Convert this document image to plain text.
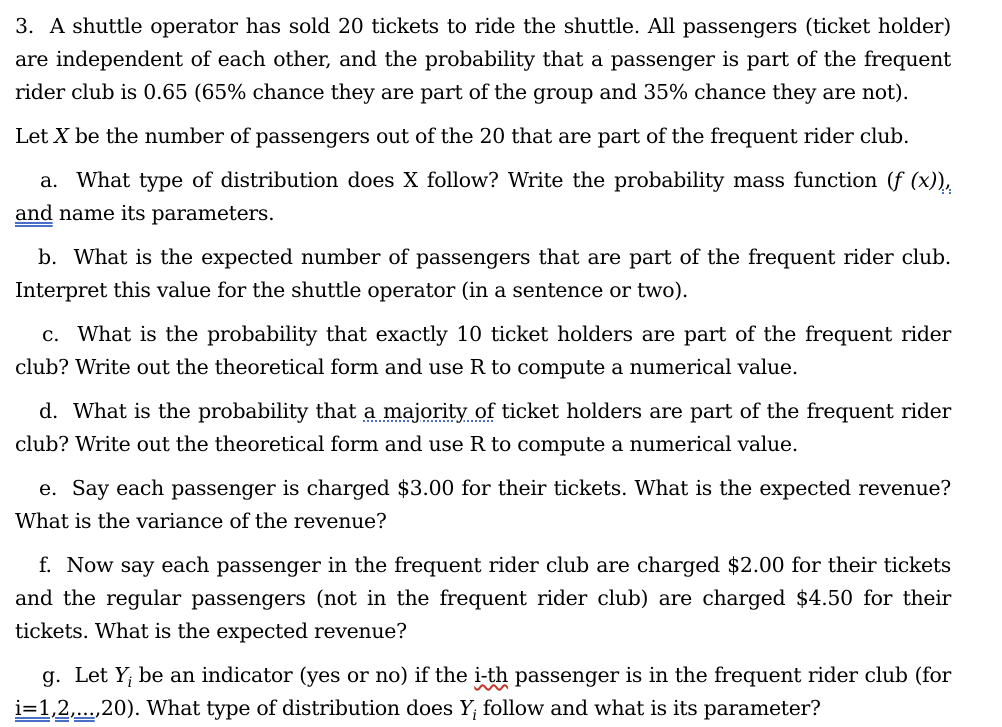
3. A shuttle operator has sold 20 tickets to ride the shuttle. All passengers (ticket holder) are independent of each other, and the probability that a passenger is part of the frequent rider club is 0.65 (65% chance they are part of the group and 35% chance they are not).

Let X be the number of passengers out of the 20 that are part of the frequent rider club.

a. What type of distribution does X follow? Write the probability mass function (f (x)), and name its parameters.

b. What is the expected number of passengers that are part of the frequent rider club. Interpret this value for the shuttle operator (in a sentence or two).

c. What is the probability that exactly 10 ticket holders are part of the frequent rider club? Write out the theoretical form and use R to compute a numerical value.

d. What is the probability that a majority of ticket holders are part of the frequent rider club? Write out the theoretical form and use R to compute a numerical value.

e. Say each passenger is charged $3.00 for their tickets. What is the expected revenue? What is the variance of the revenue?

f. Now say each passenger in the frequent rider club are charged $2.00 for their tickets and the regular passengers (not in the frequent rider club) are charged $4.50 for their tickets. What is the expected revenue?

g. Let $Y_i$ be an indicator (yes or no) if the i-th passenger is in the frequent rider club (for i=1,2,...,20). What type of distribution does $Y_i$ follow and what is its parameter?
